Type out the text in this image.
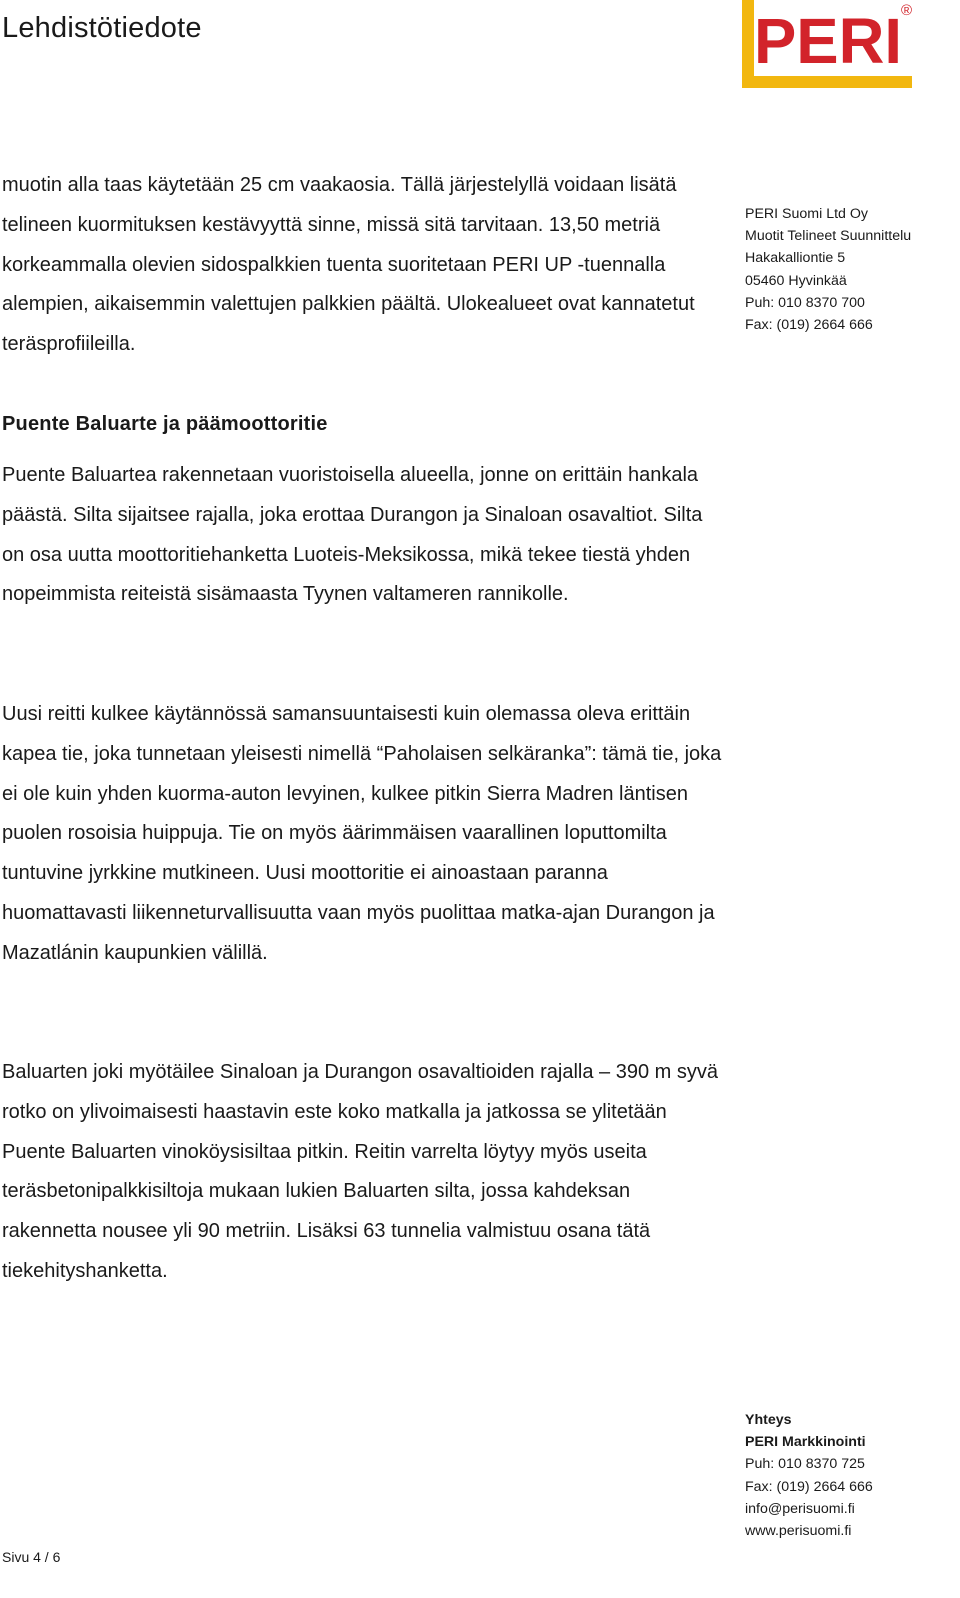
Lehdistötiedote	PERI ®

muotin alla taas käytetään 25 cm vaakaosia. Tällä järjestelyllä voidaan lisätä telineen kuormituksen kestävyyttä sinne, missä sitä tarvitaan. 13,50 metriä korkeammalla olevien sidospalkkien tuenta suoritetaan PERI UP -tuennalla alempien, aikaisemmin valettujen palkkien päältä. Ulokealueet ovat kannatetut teräsprofiileilla.

Puente Baluarte ja päämoottoritie

Puente Baluartea rakennetaan vuoristoisella alueella, jonne on erittäin hankala päästä. Silta sijaitsee rajalla, joka erottaa Durangon ja Sinaloan osavaltiot. Silta on osa uutta moottoritiehanketta Luoteis-Meksikossa, mikä tekee tiestä yhden nopeimmista reiteistä sisämaasta Tyynen valtameren rannikolle.

Uusi reitti kulkee käytännössä samansuuntaisesti kuin olemassa oleva erittäin kapea tie, joka tunnetaan yleisesti nimellä “Paholaisen selkäranka”: tämä tie, joka ei ole kuin yhden kuorma-auton levyinen, kulkee pitkin Sierra Madren läntisen puolen rosoisia huippuja. Tie on myös äärimmäisen vaarallinen loputtomilta tuntuvine jyrkkine mutkineen. Uusi moottoritie ei ainoastaan paranna huomattavasti liikenneturvallisuutta vaan myös puolittaa matka-ajan Durangon ja Mazatlánin kaupunkien välillä.

Baluarten joki myötäilee Sinaloan ja Durangon osavaltioiden rajalla – 390 m syvä rotko on ylivoimaisesti haastavin este koko matkalla ja jatkossa se ylitetään Puente Baluarten vinoköysisiltaa pitkin. Reitin varrelta löytyy myös useita teräsbetonipalkkisiltoja mukaan lukien Baluarten silta, jossa kahdeksan rakennetta nousee yli 90 metriin. Lisäksi 63 tunnelia valmistuu osana tätä tiekehityshanketta.

PERI Suomi Ltd Oy
Muotit Telineet Suunnittelu
Hakakalliontie 5
05460 Hyvinkää
Puh: 010 8370 700
Fax: (019) 2664 666
Yhteys
PERI Markkinointi
Puh: 010 8370 725
Fax: (019) 2664 666
info@perisuomi.fi
www.perisuomi.fi
Sivu 4 / 6
